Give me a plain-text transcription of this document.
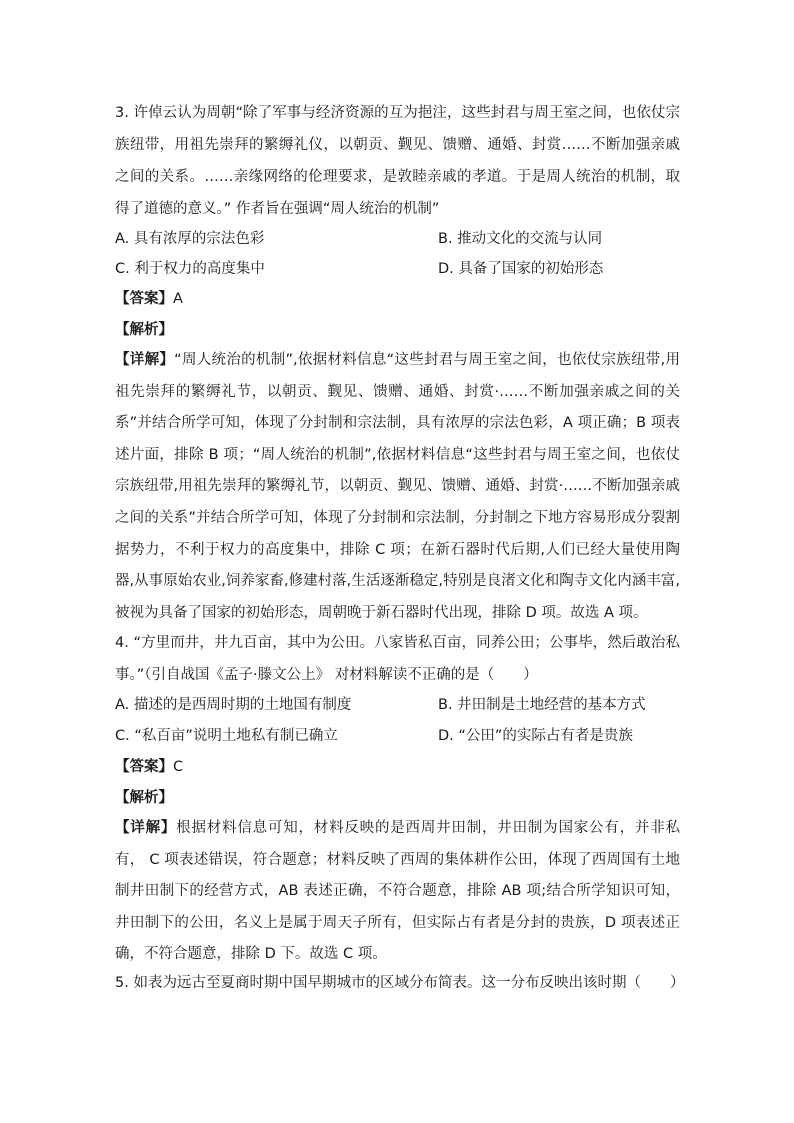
3. 许倬云认为周朝“除了军事与经济资源的互为挹注，这些封君与周王室之间，也依仗宗族纽带，用祖先崇拜的繁缛礼仪，以朝贡、觐见、馈赠、通婚、封赏……不断加强亲戚之间的关系。……亲缘网络的伦理要求，是敦睦亲戚的孝道。于是周人统治的机制，取得了道德的意义。” 作者旨在强调“周人统治的机制”
A. 具有浓厚的宗法色彩	B. 推动文化的交流与认同
C. 利于权力的高度集中	D. 具备了国家的初始形态
【答案】A
【解析】
【详解】“周人统治的机制”,依据材料信息“这些封君与周王室之间，也依仗宗族纽带,用祖先崇拜的繁缛礼节，以朝贡、觐见、馈赠、通婚、封赏·……不断加强亲戚之间的关系”并结合所学可知，体现了分封制和宗法制，具有浓厚的宗法色彩，A 项正确；B 项表述片面，排除 B 项；“周人统治的机制”,依据材料信息“这些封君与周王室之间，也依仗宗族纽带,用祖先崇拜的繁缛礼节，以朝贡、觐见、馈赠、通婚、封赏·……不断加强亲戚之间的关系”并结合所学可知，体现了分封制和宗法制，分封制之下地方容易形成分裂割据势力，不利于权力的高度集中，排除 C 项；在新石器时代后期,人们已经大量使用陶器,从事原始农业,饲养家畜,修建村落,生活逐渐稳定,特别是良渚文化和陶寺文化内涵丰富,被视为具备了国家的初始形态，周朝晚于新石器时代出现，排除 D 项。故选 A 项。
4. “方里而井，井九百亩，其中为公田。八家皆私百亩，同养公田；公事毕，然后敢治私事。”（引自战国《孟子·滕文公上》 对材料解读不正确的是（　　）
A. 描述的是西周时期的土地国有制度	B. 井田制是土地经营的基本方式
C. “私百亩”说明土地私有制已确立	D. “公田”的实际占有者是贵族
【答案】C
【解析】
【详解】根据材料信息可知，材料反映的是西周井田制，井田制为国家公有，并非私有， C 项表述错误，符合题意；材料反映了西周的集体耕作公田，体现了西周国有土地制井田制下的经营方式，AB 表述正确，不符合题意，排除 AB 项;结合所学知识可知，井田制下的公田，名义上是属于周天子所有，但实际占有者是分封的贵族，D 项表述正确，不符合题意，排除 D 下。故选 C 项。
5. 如表为远古至夏商时期中国早期城市的区域分布简表。这一分布反映出该时期（　　）
